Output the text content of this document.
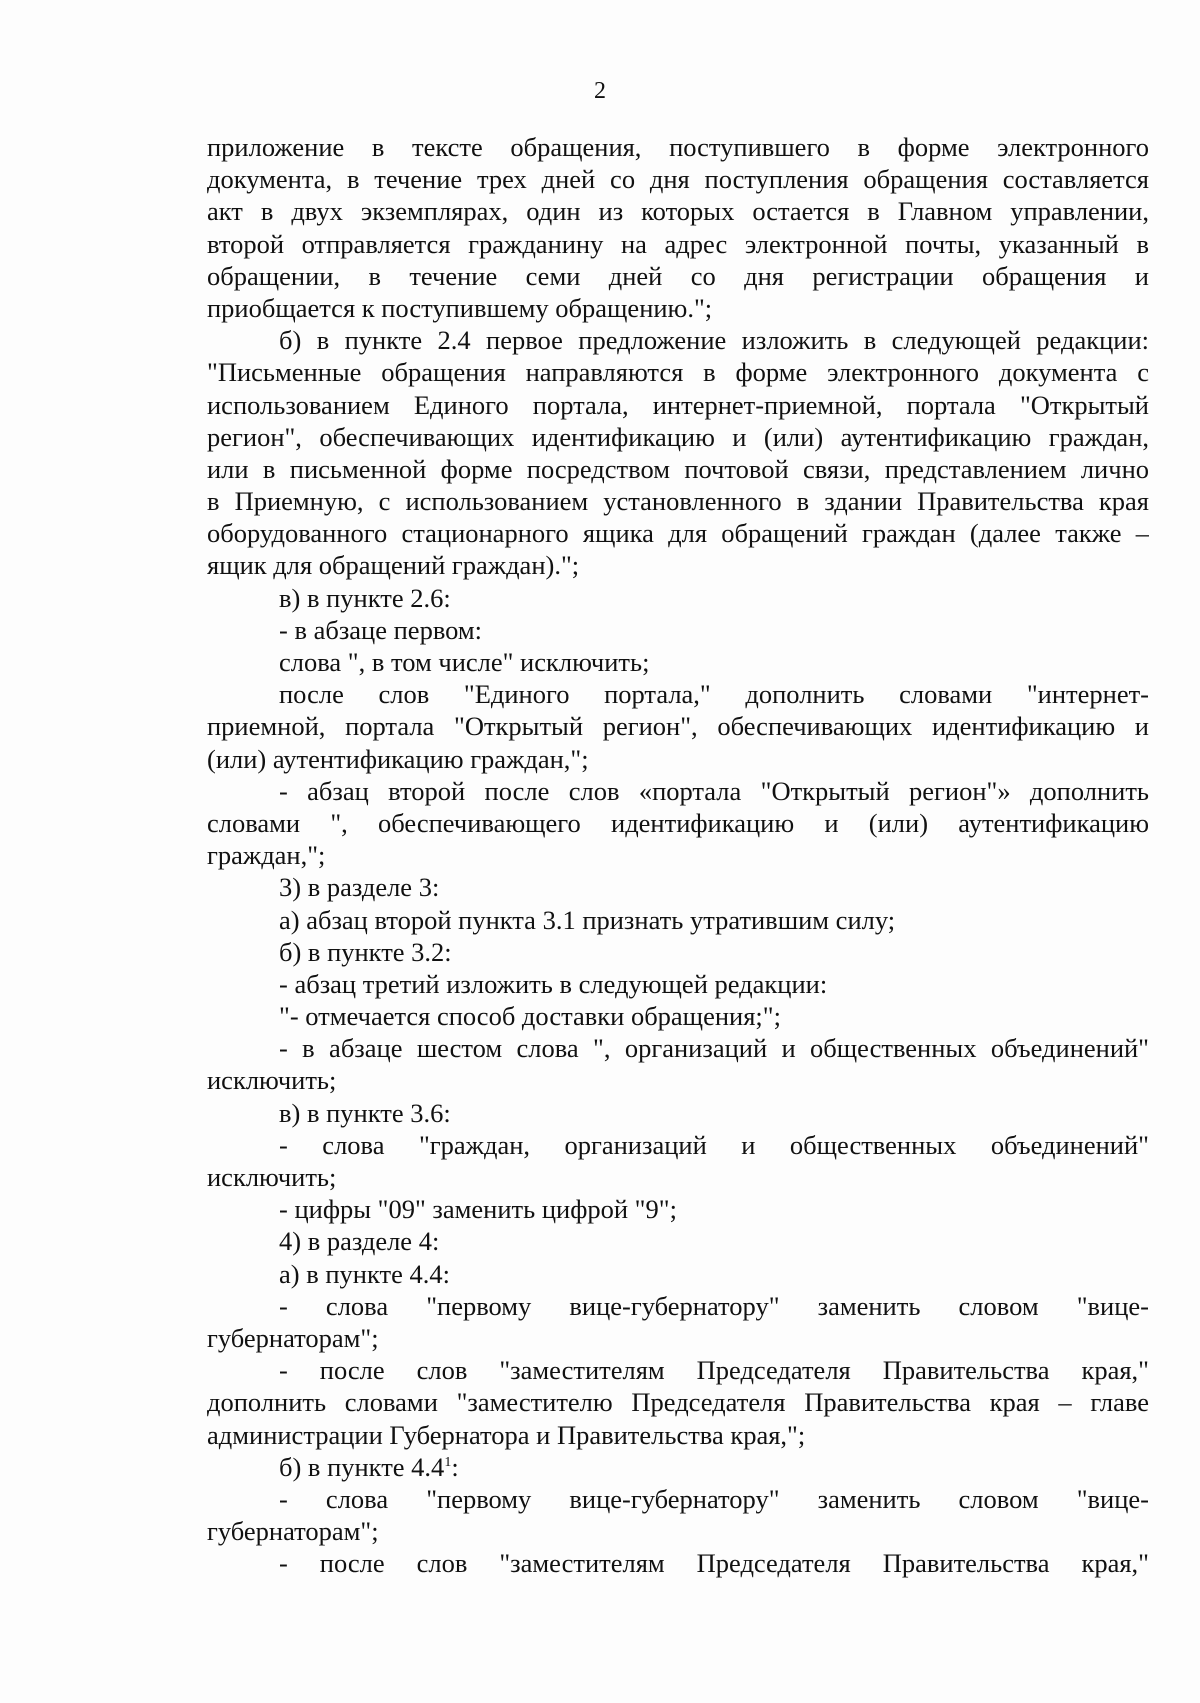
2
приложение в тексте обращения, поступившего в форме электронного
документа, в течение трех дней со дня поступления обращения составляется
акт в двух экземплярах, один из которых остается в Главном управлении,
второй отправляется гражданину на адрес электронной почты, указанный в
обращении, в течение семи дней со дня регистрации обращения и
приобщается к поступившему обращению.";
б) в пункте 2.4 первое предложение изложить в следующей редакции:
"Письменные обращения направляются в форме электронного документа с
использованием Единого портала, интернет-приемной, портала "Открытый
регион", обеспечивающих идентификацию и (или) аутентификацию граждан,
или в письменной форме посредством почтовой связи, представлением лично
в Приемную, с использованием установленного в здании Правительства края
оборудованного стационарного ящика для обращений граждан (далее также –
ящик для обращений граждан).";
в) в пункте 2.6:
- в абзаце первом:
слова ", в том числе" исключить;
после слов "Единого портала," дополнить словами "интернет-
приемной, портала "Открытый регион", обеспечивающих идентификацию и
(или) аутентификацию граждан,";
- абзац второй после слов «портала "Открытый регион"» дополнить
словами ", обеспечивающего идентификацию и (или) аутентификацию
граждан,";
3) в разделе 3:
а) абзац второй пункта 3.1 признать утратившим силу;
б) в пункте 3.2:
- абзац третий изложить в следующей редакции:
"- отмечается способ доставки обращения;";
- в абзаце шестом слова ", организаций и общественных объединений"
исключить;
в) в пункте 3.6:
- слова "граждан, организаций и общественных объединений"
исключить;
- цифры "09" заменить цифрой "9";
4) в разделе 4:
а) в пункте 4.4:
- слова "первому вице-губернатору" заменить словом "вице-
губернаторам";
- после слов "заместителям Председателя Правительства края,"
дополнить словами "заместителю Председателя Правительства края – главе
администрации Губернатора и Правительства края,";
б) в пункте $4.4^1$:
- слова "первому вице-губернатору" заменить словом "вице-
губернаторам";
- после слов "заместителям Председателя Правительства края,"
